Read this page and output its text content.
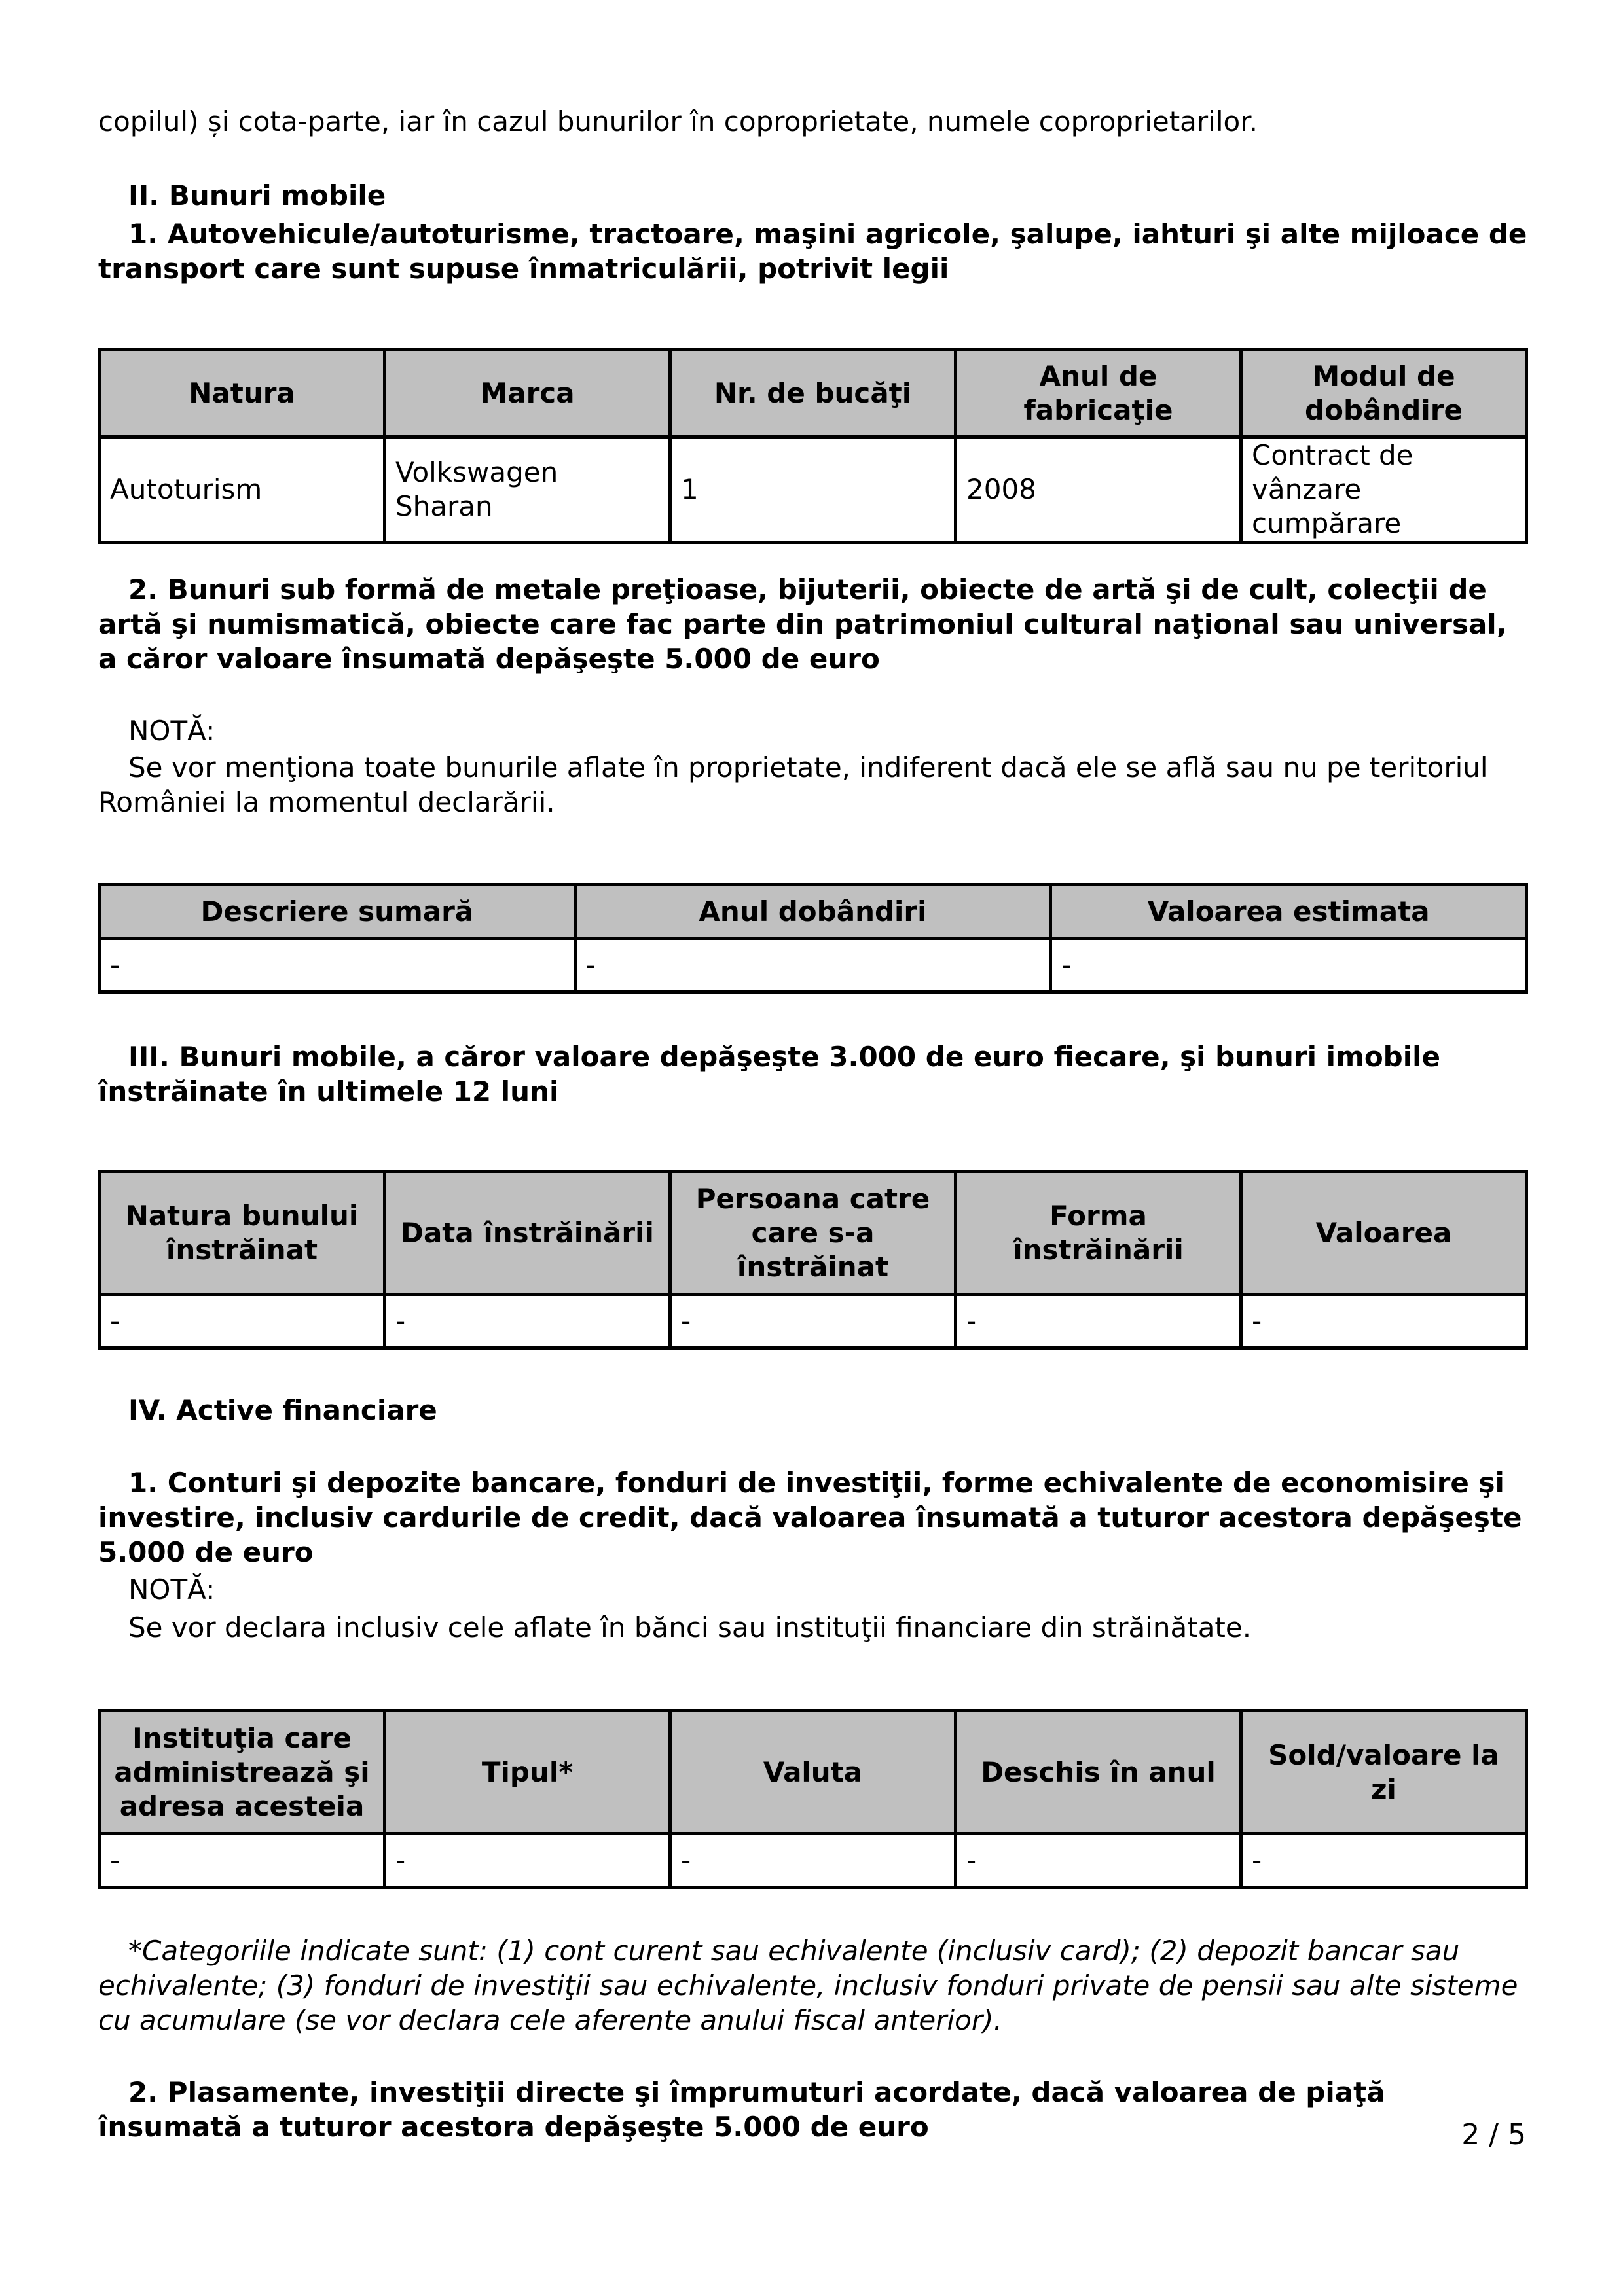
copilul) și cota-parte, iar în cazul bunurilor în coproprietate, numele coproprietarilor.
II. Bunuri mobile
1. Autovehicule/autoturisme, tractoare, maşini agricole, şalupe, iahturi şi alte mijloace de transport care sunt supuse înmatriculării, potrivit legii
Natura	Marca	Nr. de bucăţi	Anul de fabricaţie	Modul de dobândire
Autoturism	Volkswagen Sharan	1	2008	Contract de vânzare cumpărare
2. Bunuri sub formă de metale preţioase, bijuterii, obiecte de artă şi de cult, colecţii de artă şi numismatică, obiecte care fac parte din patrimoniul cultural naţional sau universal, a căror valoare însumată depăşeşte 5.000 de euro
NOTĂ:
Se vor menţiona toate bunurile aflate în proprietate, indiferent dacă ele se află sau nu pe teritoriul României la momentul declarării.
Descriere sumară	Anul dobândiri	Valoarea estimata
-	-	-
III. Bunuri mobile, a căror valoare depăşeşte 3.000 de euro fiecare, şi bunuri imobile înstrăinate în ultimele 12 luni
Natura bunului înstrăinat	Data înstrăinării	Persoana catre care s-a înstrăinat	Forma înstrăinării	Valoarea
-	-	-	-	-
IV. Active financiare
1. Conturi şi depozite bancare, fonduri de investiţii, forme echivalente de economisire şi investire, inclusiv cardurile de credit, dacă valoarea însumată a tuturor acestora depăşeşte 5.000 de euro
NOTĂ:
Se vor declara inclusiv cele aflate în bănci sau instituţii financiare din străinătate.
Instituţia care administrează şi adresa acesteia	Tipul*	Valuta	Deschis în anul	Sold/valoare la zi
-	-	-	-	-
*Categoriile indicate sunt: (1) cont curent sau echivalente (inclusiv card); (2) depozit bancar sau echivalente; (3) fonduri de investiţii sau echivalente, inclusiv fonduri private de pensii sau alte sisteme cu acumulare (se vor declara cele aferente anului fiscal anterior).
2. Plasamente, investiţii directe şi împrumuturi acordate, dacă valoarea de piaţă însumată a tuturor acestora depăşeşte 5.000 de euro	2 / 5
